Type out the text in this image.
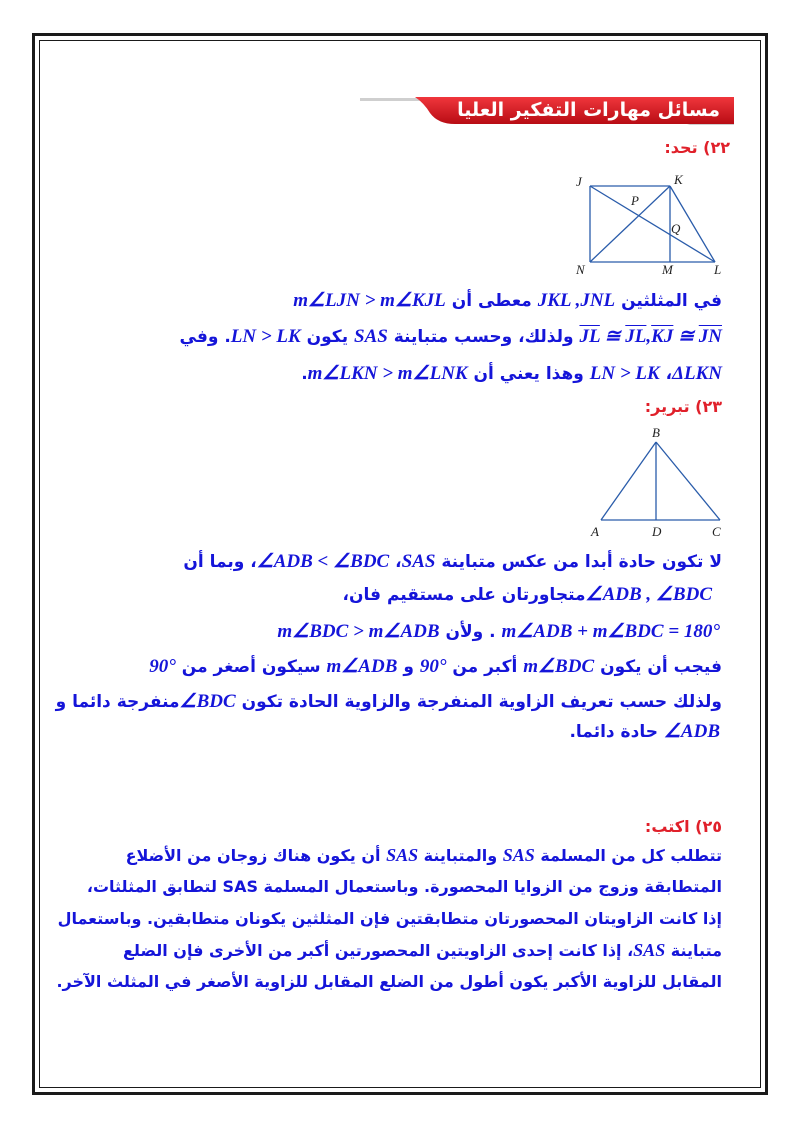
مسائل مهارات التفكير العليا
٢٢) تحد:
J	K
P
Q
N	M	L
في المثلثين JKL ,JNL معطى أن m∠LJN > m∠KJL
$\overline{JL}$ ≅ $\overline{JL},\overline{KJ}$ ≅ $\overline{JN}$ ولذلك، وحسب متباينة SAS يكون LN > LK. وفي
ΔLKN، LN > LK وهذا يعني أن m∠LKN > m∠LNK.
٢٣) تبرير:
B
A	D	C
لا تكون حادة أبدا من عكس متباينة SAS، ∠ADB < ∠BDC، وبما أن
∠ADB , ∠BDCمتجاورتان على مستقيم فان،
m∠ADB + m∠BDC = 180° . ولأن m∠BDC > m∠ADB
فيجب أن يكون m∠BDC أكبر من 90° و m∠ADB سيكون أصغر من 90°
ولذلك حسب تعريف الزاوية المنفرجة والزاوية الحادة تكون ∠BDCمنفرجة دائما و
∠ADB حادة دائما.
٢٥) اكتب:
تتطلب كل من المسلمة SAS والمتباينة SAS أن يكون هناك زوجان من الأضلاع
المتطابقة وزوج من الزوايا المحصورة. وباستعمال المسلمة SAS لتطابق المثلثات،
إذا كانت الزاويتان المحصورتان متطابقتين فإن المثلثين يكونان متطابقين. وباستعمال
متباينة SAS، إذا كانت إحدى الزاويتين المحصورتين أكبر من الأخرى فإن الضلع
المقابل للزاوية الأكبر يكون أطول من الضلع المقابل للزاوية الأصغر في المثلث الآخر.
